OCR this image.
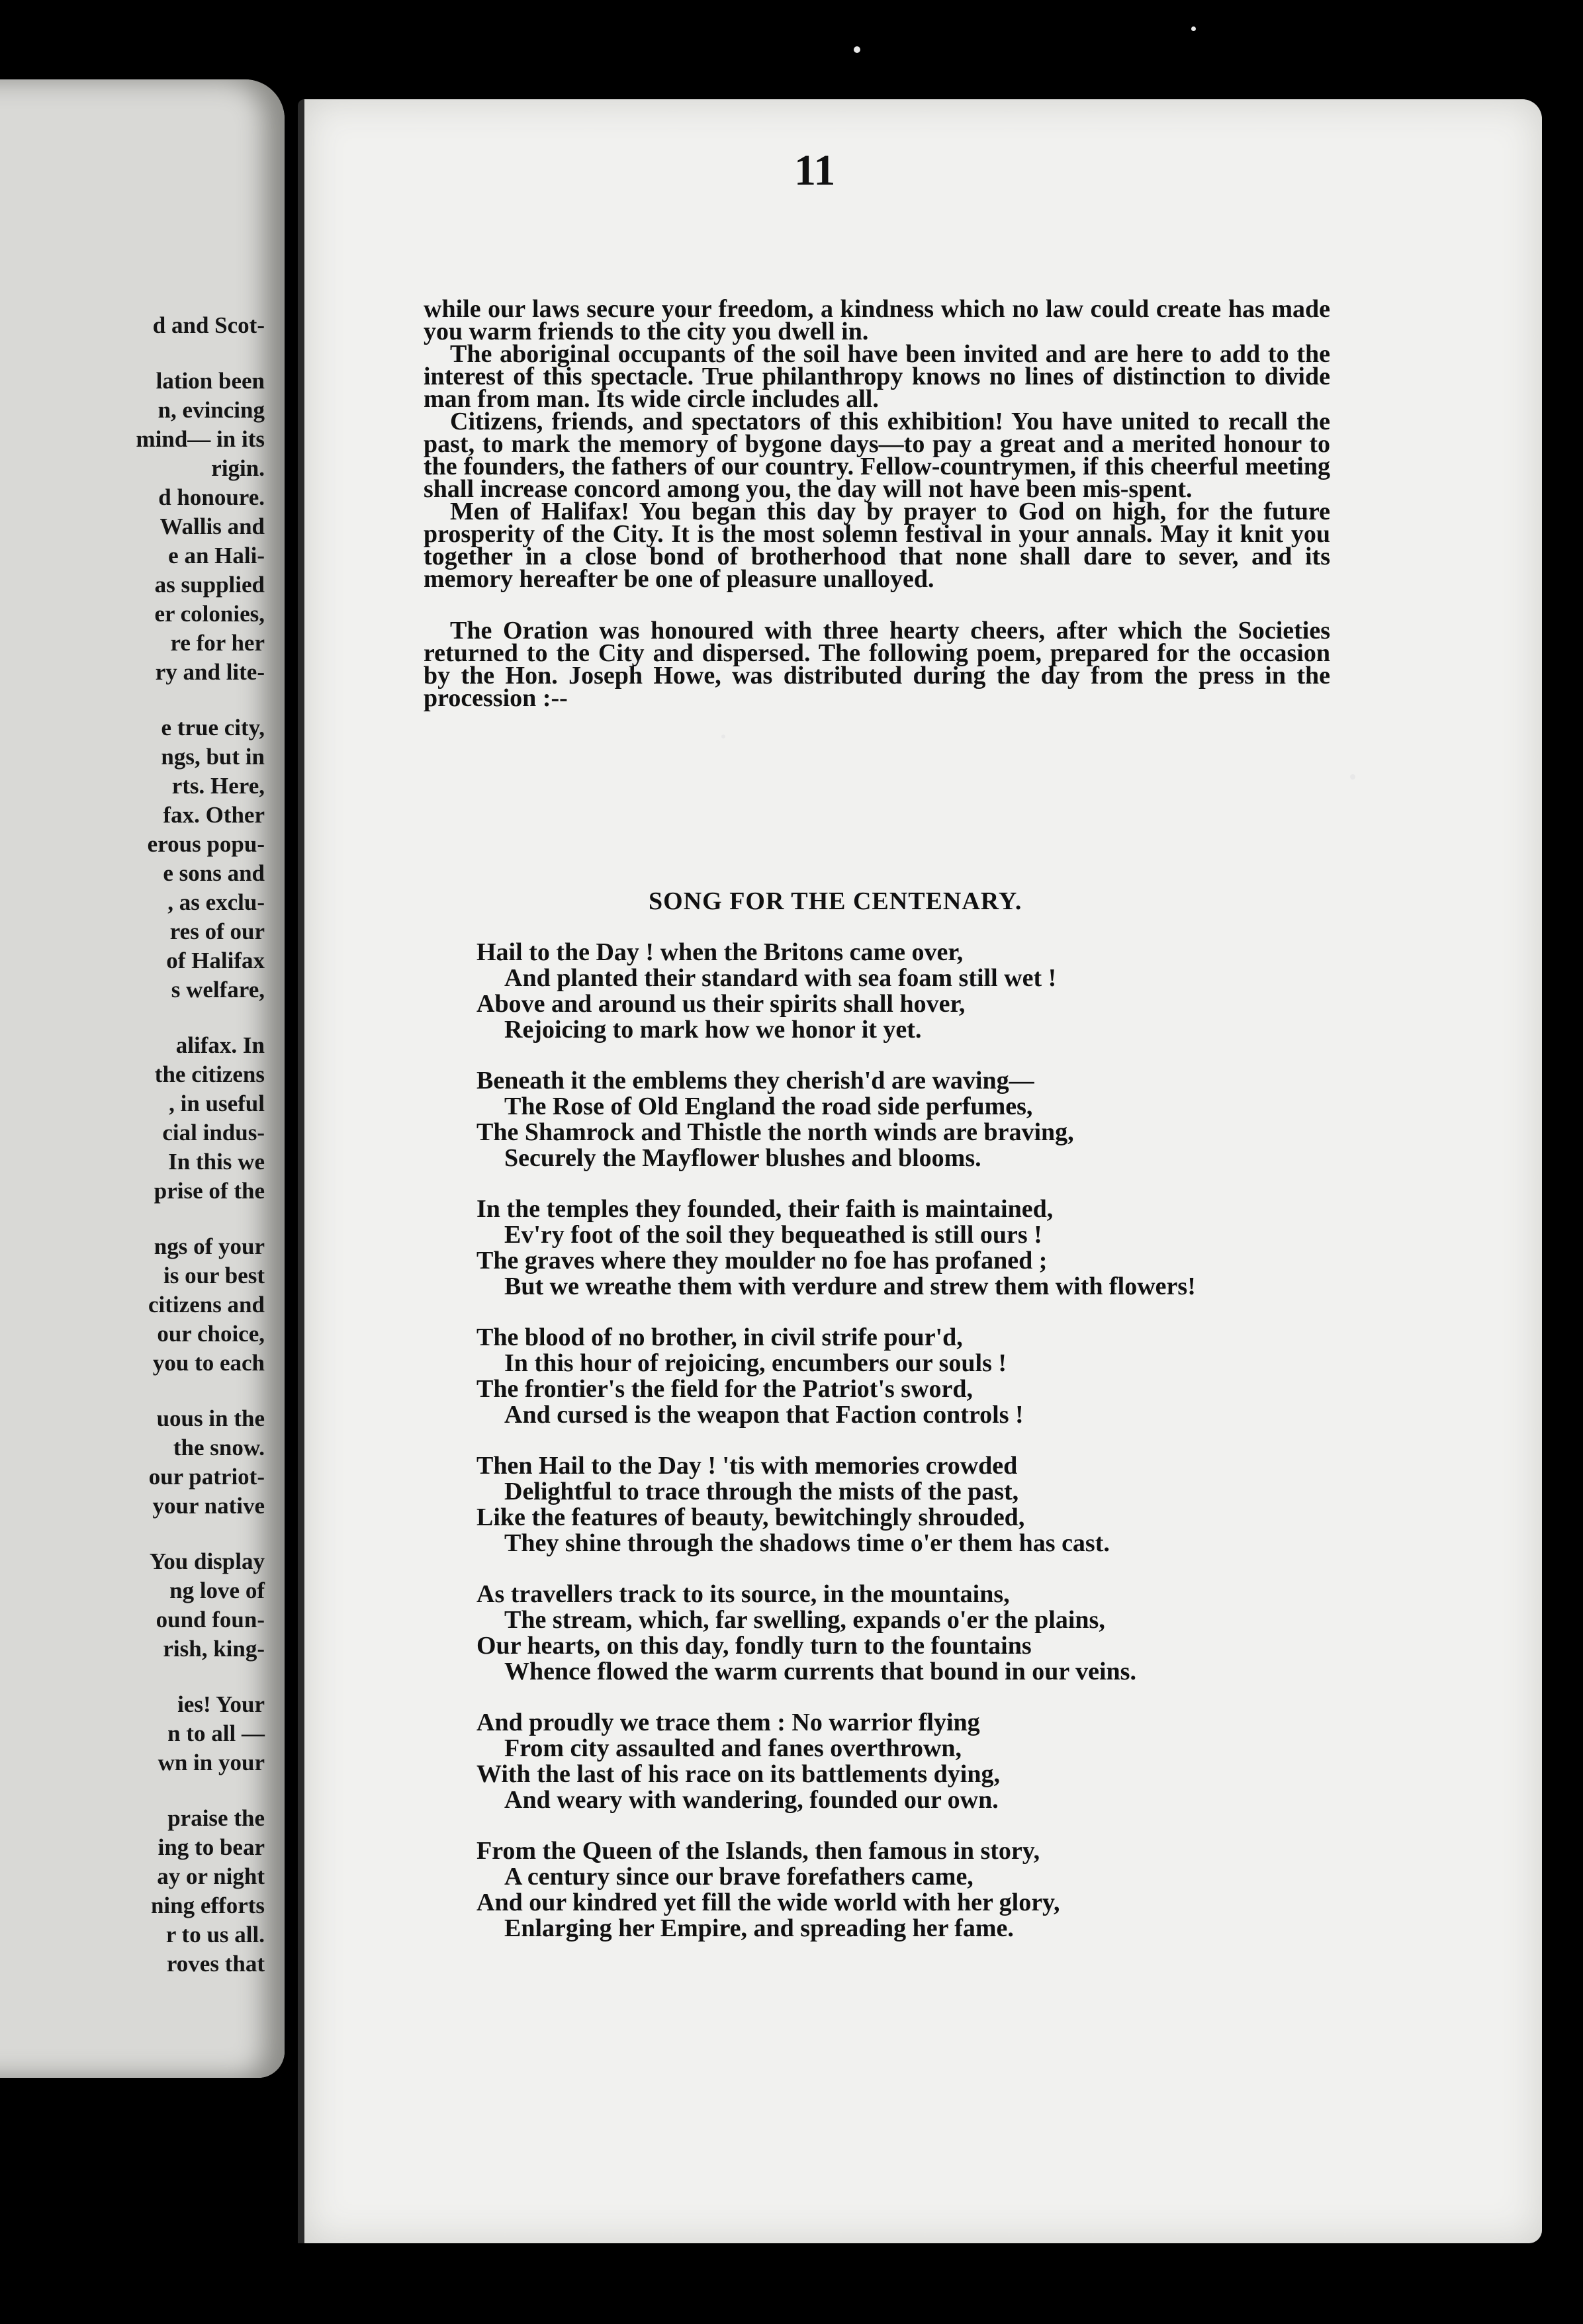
d and Scot-
lation been
n, evincing
mind— in its
rigin.
d honoure.
Wallis and
e an Hali-
as supplied
er colonies,
re for her
ry and lite-
e true city,
ngs, but in
rts. Here,
fax. Other
erous popu-
e sons and
, as exclu-
res of our
of Halifax
s welfare,
alifax. In
the citizens
, in useful
cial indus-
In this we
prise of the
ngs of your
is our best
citizens and
our choice,
you to each
uous in the
the snow.
our patriot-
your native
You display
ng love of
ound foun-
rish, king-
ies! Your
n to all —
wn in your
praise the
ing to bear
ay or night
ning efforts
r to us all.
roves that
11

while our laws secure your freedom, a kindness which no law could create has made you warm friends to the city you dwell in.

The aboriginal occupants of the soil have been invited and are here to add to the interest of this spectacle. True philanthropy knows no lines of distinction to divide man from man. Its wide circle includes all.

Citizens, friends, and spectators of this exhibition! You have united to recall the past, to mark the memory of bygone days—to pay a great and a merited honour to the founders, the fathers of our country. Fellow-countrymen, if this cheerful meeting shall increase concord among you, the day will not have been mis-spent.

Men of Halifax! You began this day by prayer to God on high, for the future prosperity of the City. It is the most solemn festival in your annals. May it knit you together in a close bond of brotherhood that none shall dare to sever, and its memory hereafter be one of pleasure unalloyed.

The Oration was honoured with three hearty cheers, after which the Societies returned to the City and dispersed. The following poem, prepared for the occasion by the Hon. Joseph Howe, was distributed during the day from the press in the procession :--

SONG FOR THE CENTENARY.
Hail to the Day ! when the Britons came over,
And planted their standard with sea foam still wet !
Above and around us their spirits shall hover,
Rejoicing to mark how we honor it yet.
Beneath it the emblems they cherish'd are waving—
The Rose of Old England the road side perfumes,
The Shamrock and Thistle the north winds are braving,
Securely the Mayflower blushes and blooms.
In the temples they founded, their faith is maintained,
Ev'ry foot of the soil they bequeathed is still ours !
The graves where they moulder no foe has profaned ;
But we wreathe them with verdure and strew them with flowers!
The blood of no brother, in civil strife pour'd,
In this hour of rejoicing, encumbers our souls !
The frontier's the field for the Patriot's sword,
And cursed is the weapon that Faction controls !
Then Hail to the Day ! 'tis with memories crowded
Delightful to trace through the mists of the past,
Like the features of beauty, bewitchingly shrouded,
They shine through the shadows time o'er them has cast.
As travellers track to its source, in the mountains,
The stream, which, far swelling, expands o'er the plains,
Our hearts, on this day, fondly turn to the fountains
Whence flowed the warm currents that bound in our veins.
And proudly we trace them : No warrior flying
From city assaulted and fanes overthrown,
With the last of his race on its battlements dying,
And weary with wandering, founded our own.
From the Queen of the Islands, then famous in story,
A century since our brave forefathers came,
And our kindred yet fill the wide world with her glory,
Enlarging her Empire, and spreading her fame.
